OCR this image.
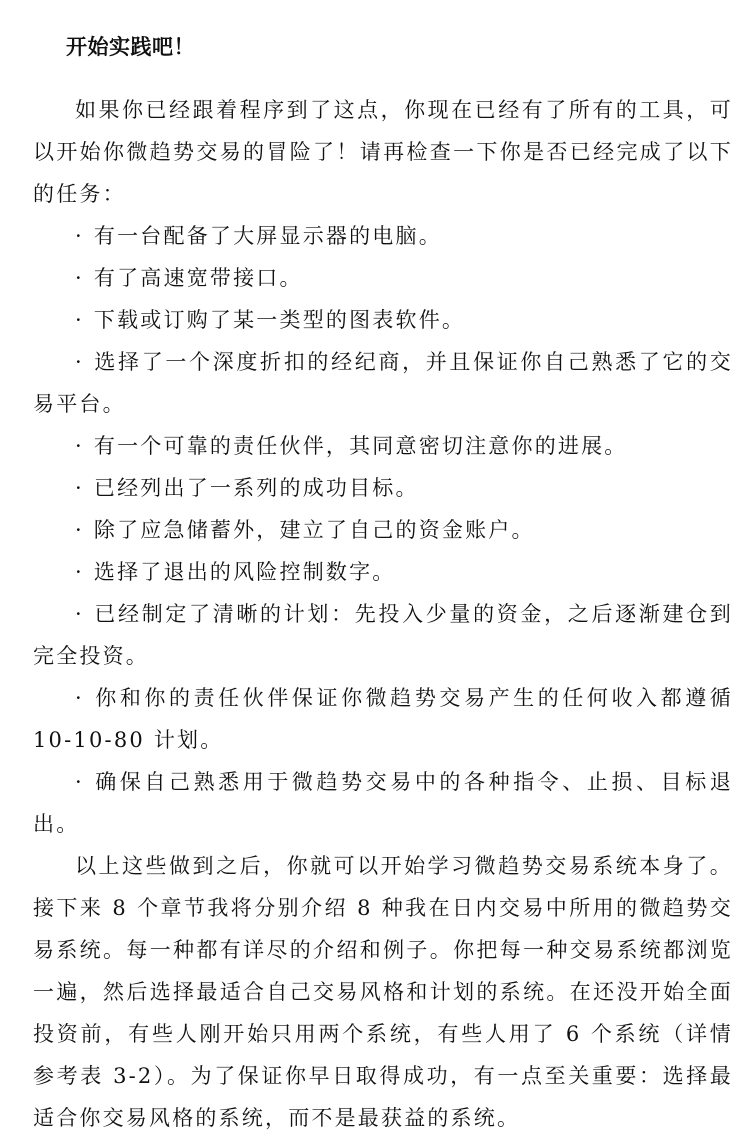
开始实践吧！

如果你已经跟着程序到了这点，你现在已经有了所有的工具，可以开始你微趋势交易的冒险了！请再检查一下你是否已经完成了以下的任务：

· 有一台配备了大屏显示器的电脑。
· 有了高速宽带接口。
· 下载或订购了某一类型的图表软件。
· 选择了一个深度折扣的经纪商，并且保证你自己熟悉了它的交易平台。
· 有一个可靠的责任伙伴，其同意密切注意你的进展。
· 已经列出了一系列的成功目标。
· 除了应急储蓄外，建立了自己的资金账户。
· 选择了退出的风险控制数字。
· 已经制定了清晰的计划：先投入少量的资金，之后逐渐建仓到完全投资。
· 你和你的责任伙伴保证你微趋势交易产生的任何收入都遵循 10-10-80 计划。
· 确保自己熟悉用于微趋势交易中的各种指令、止损、目标退出。

以上这些做到之后，你就可以开始学习微趋势交易系统本身了。接下来 8 个章节我将分别介绍 8 种我在日内交易中所用的微趋势交易系统。每一种都有详尽的介绍和例子。你把每一种交易系统都浏览一遍，然后选择最适合自己交易风格和计划的系统。在还没开始全面投资前，有些人刚开始只用两个系统，有些人用了 6 个系统（详情参考表 3-2）。为了保证你早日取得成功，有一点至关重要：选择最适合你交易风格的系统，而不是最获益的系统。
